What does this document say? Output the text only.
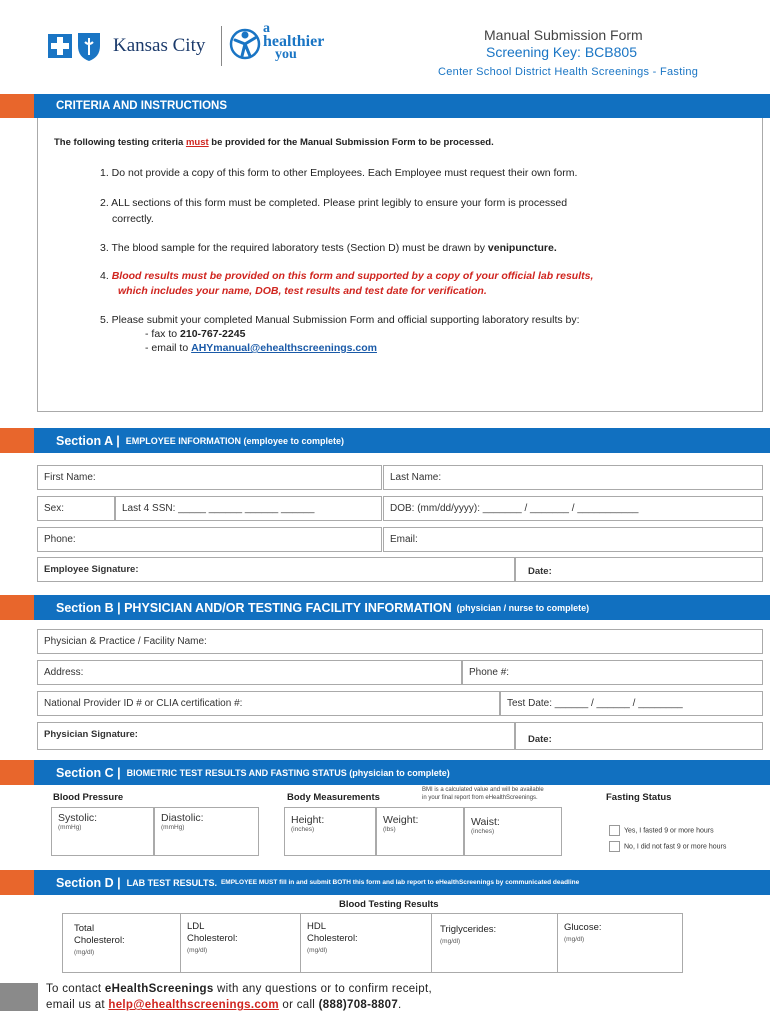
Kansas City
a
healthier
you
Manual Submission Form
Screening Key: BCB805
Center School District Health Screenings - Fasting
CRITERIA AND INSTRUCTIONS
The following testing criteria must be provided for the Manual Submission Form to be processed.
1. Do not provide a copy of this form to other Employees. Each Employee must request their own form.
2. ALL sections of this form must be completed. Please print legibly to ensure your form is processed
correctly.
3. The blood sample for the required laboratory tests (Section D) must be drawn by venipuncture.
4. Blood results must be provided on this form and supported by a copy of your official lab results,
which includes your name, DOB, test results and test date for verification.
5. Please submit your completed Manual Submission Form and official supporting laboratory results by:
- fax to 210-767-2245
- email to AHYmanual@ehealthscreenings.com
Section A | EMPLOYEE INFORMATION (employee to complete)
First Name:	Last Name:
Sex:	Last 4 SSN: _____ ______ ______ ______	DOB: (mm/dd/yyyy): _______ / _______ / ___________
Phone:	Email:
Employee Signature:	Date:
Section B | PHYSICIAN AND/OR TESTING FACILITY INFORMATION (physician / nurse to complete)
Physician & Practice / Facility Name:
Address:	Phone #:
National Provider ID # or CLIA certification #:	Test Date: ______ / ______ / ________
Physician Signature:	Date:
Section C | BIOMETRIC TEST RESULTS AND FASTING STATUS (physician to complete)
Blood Pressure	Body Measurements
BMI is a calculated value and will be available
in your final report from eHealthScreenings.	Fasting Status
Systolic:
(mmHg)
Diastolic:
(mmHg)
Height:
(inches)
Weight:
(lbs)
Waist:
(inches)	Yes, I fasted 9 or more hours
No, I did not fast 9 or more hours
Section D | LAB TEST RESULTS. EMPLOYEE MUST fill in and submit BOTH this form and lab report to eHealthScreenings by communicated deadline
Blood Testing Results
Total
Cholesterol:
(mg/dl)
LDL
Cholesterol:
(mg/dl)
HDL
Cholesterol:
(mg/dl)
Triglycerides:
(mg/dl)
Glucose:
(mg/dl)
To contact eHealthScreenings with any questions or to confirm receipt,
email us at help@ehealthscreenings.com or call (888)708-8807.
